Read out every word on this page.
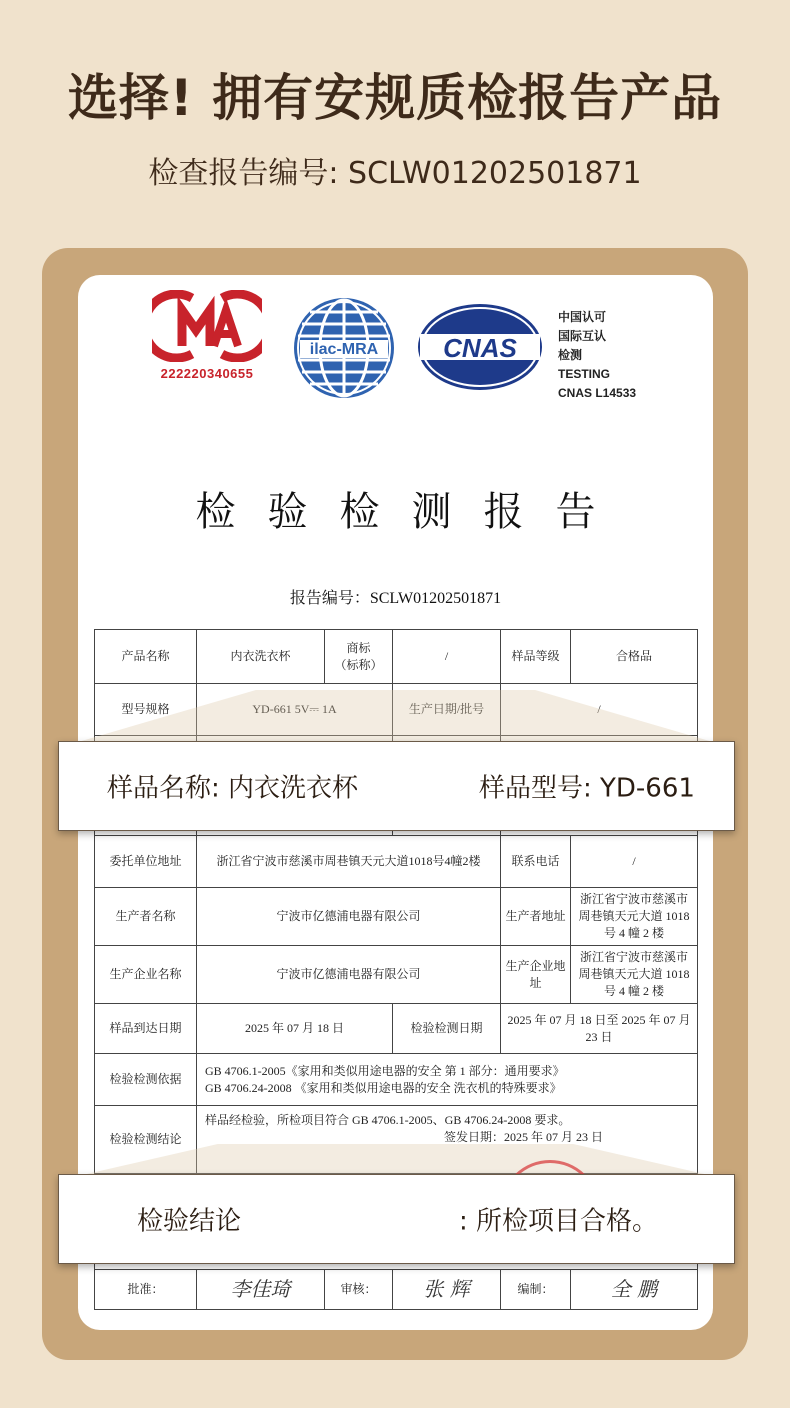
选择! 拥有安规质检报告产品
检查报告编号: SCLW01202501871
222220340655
ilac-MRA CNAS
中国认可
国际互认
检测
TESTING
CNAS L14533
检验检测报告
报告编号：SCLW01202501871
产品名称	内衣洗衣杯	商标
（标称）	/	样品等级	合格品
型号规格	YD-661 5V⎓ 1A		生产日期/批号	/	

委托单位地址	浙江省宁波市慈溪市周巷镇天元大道1018号4幢2楼			联系电话	/
生产者名称	宁波市亿德浦电器有限公司			生产者地址	浙江省宁波市慈溪市周巷镇天元大道 1018 号 4 幢 2 楼
生产企业名称	宁波市亿德浦电器有限公司			生产企业地址	浙江省宁波市慈溪市周巷镇天元大道 1018 号 4 幢 2 楼
样品到达日期	2025 年 07 月 18 日		检验检测日期	2025 年 07 月 18 日至 2025 年 07 月 23 日	
检验检测依据	GB 4706.1-2005《家用和类似用途电器的安全 第 1 部分：通用要求》
GB 4706.24-2008 《家用和类似用途电器的安全 洗衣机的特殊要求》				

检验检测结论	样品经检验，所检项目符合 GB 4706.1-2005、GB 4706.24-2008 要求。
签发日期：2025 年 07 月 23 日				

批准：	李佳琦	审核：	张 辉	编制：	全 鹏
样品名称: 内衣洗衣杯	样品型号: YD-661
检验结论	: 所检项目合格。
